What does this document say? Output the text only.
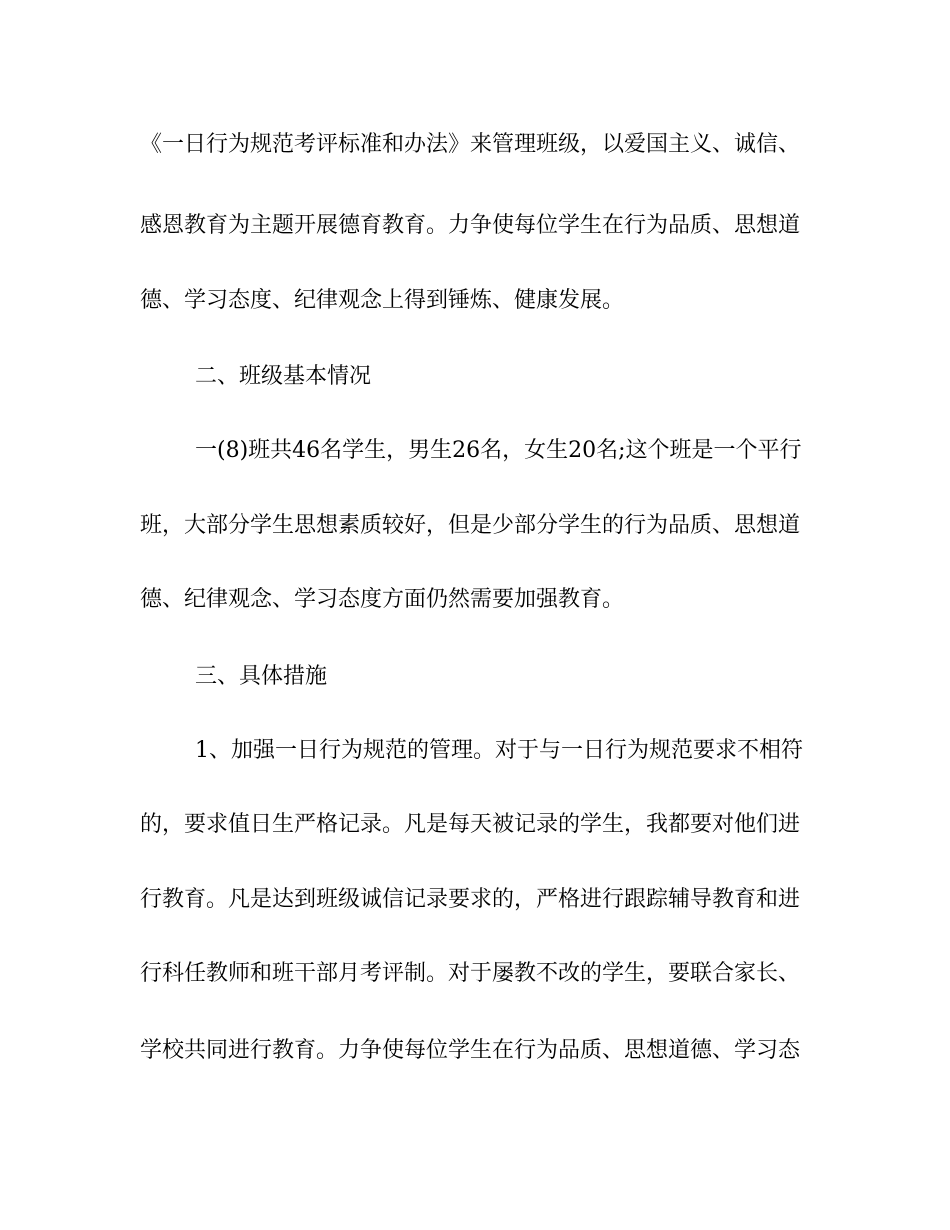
《一日行为规范考评标准和办法》来管理班级，以爱国主义、诚信、
感恩教育为主题开展德育教育。力争使每位学生在行为品质、思想道
德、学习态度、纪律观念上得到锤炼、健康发展。
二、班级基本情况
一(8)班共46名学生，男生26名，女生20名;这个班是一个平行
班，大部分学生思想素质较好，但是少部分学生的行为品质、思想道
德、纪律观念、学习态度方面仍然需要加强教育。
三、具体措施
1、加强一日行为规范的管理。对于与一日行为规范要求不相符
的，要求值日生严格记录。凡是每天被记录的学生，我都要对他们进
行教育。凡是达到班级诚信记录要求的，严格进行跟踪辅导教育和进
行科任教师和班干部月考评制。对于屡教不改的学生，要联合家长、
学校共同进行教育。力争使每位学生在行为品质、思想道德、学习态
